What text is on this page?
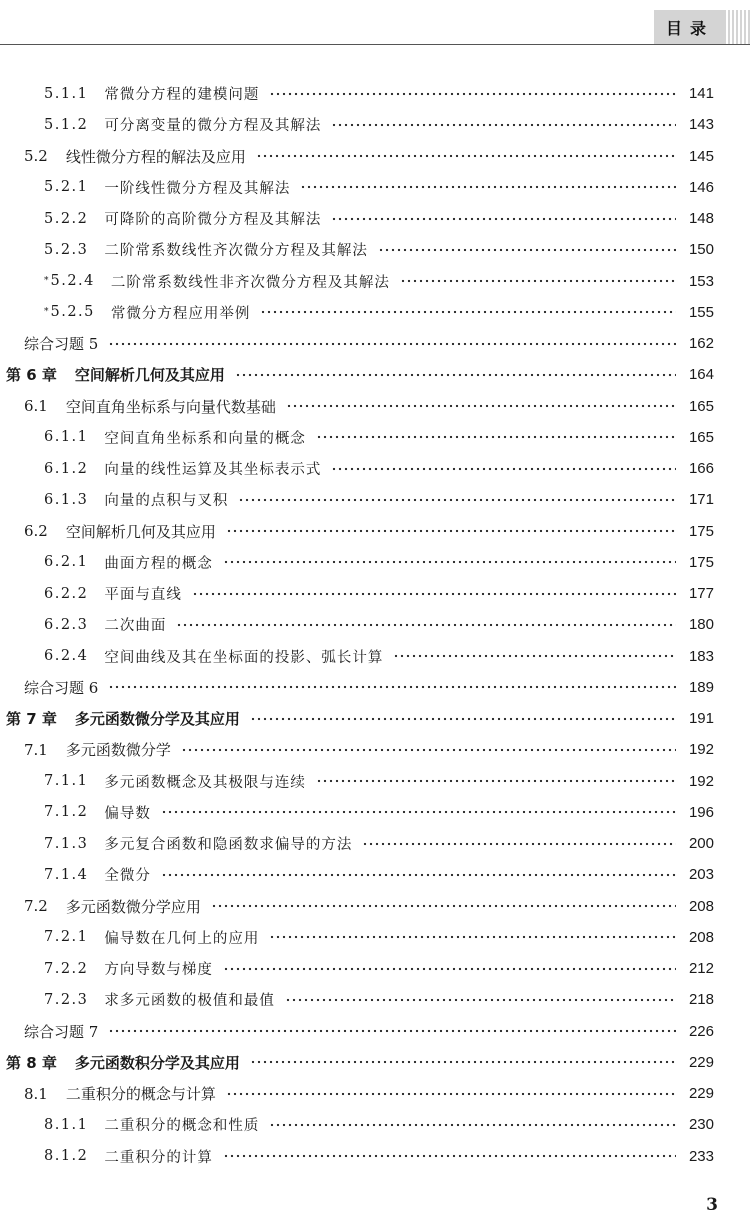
目录
5.1.1 常微分方程的建模问题	141
5.1.2 可分离变量的微分方程及其解法	143
5.2 线性微分方程的解法及应用	145
5.2.1 一阶线性微分方程及其解法	146
5.2.2 可降阶的高阶微分方程及其解法	148
5.2.3 二阶常系数线性齐次微分方程及其解法	150
* 5.2.4 二阶常系数线性非齐次微分方程及其解法	153
* 5.2.5 常微分方程应用举例	155
综合习题 5	162
第 6 章 空间解析几何及其应用	164
6.1 空间直角坐标系与向量代数基础	165
6.1.1 空间直角坐标系和向量的概念	165
6.1.2 向量的线性运算及其坐标表示式	166
6.1.3 向量的点积与叉积	171
6.2 空间解析几何及其应用	175
6.2.1 曲面方程的概念	175
6.2.2 平面与直线	177
6.2.3 二次曲面	180
6.2.4 空间曲线及其在坐标面的投影、弧长计算	183
综合习题 6	189
第 7 章 多元函数微分学及其应用	191
7.1 多元函数微分学	192
7.1.1 多元函数概念及其极限与连续	192
7.1.2 偏导数	196
7.1.3 多元复合函数和隐函数求偏导的方法	200
7.1.4 全微分	203
7.2 多元函数微分学应用	208
7.2.1 偏导数在几何上的应用	208
7.2.2 方向导数与梯度	212
7.2.3 求多元函数的极值和最值	218
综合习题 7	226
第 8 章 多元函数积分学及其应用	229
8.1 二重积分的概念与计算	229
8.1.1 二重积分的概念和性质	230
8.1.2 二重积分的计算	233
3
